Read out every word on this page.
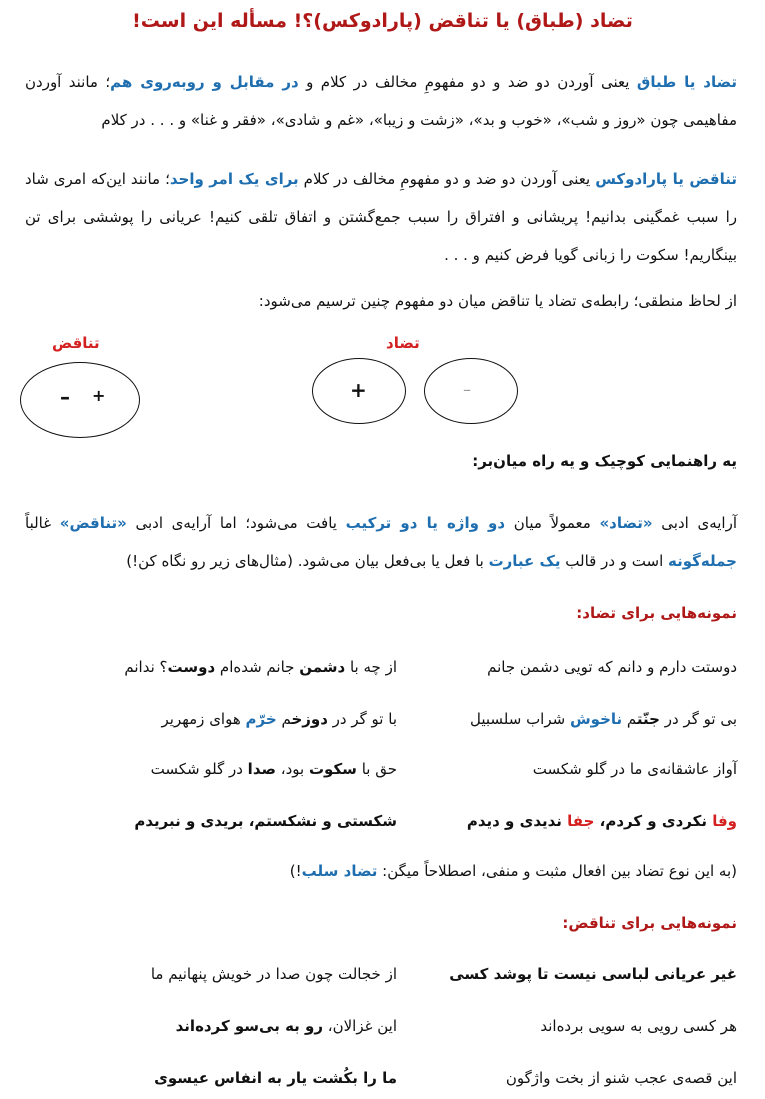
تضاد (طباق) یا تناقض (پارادوکس)؟! مسأله این است!
تضاد یا طباق یعنی آوردن دو ضد و دو مفهومِ مخالف در کلام و در مقابل و روبه‌روی هم؛ مانند آوردن مفاهیمی چون «روز و شب»، «خوب و بد»، «زشت و زیبا»، «غم و شادی»، «فقر و غنا» و . . . در کلام
تناقض یا پارادوکس یعنی آوردن دو ضد و دو مفهومِ مخالف در کلام برای یک امر واحد؛ مانند این‌که امری شاد را سبب غمگینی بدانیم! پریشانی و افتراق را سبب جمع‌گشتن و اتفاق تلقی کنیم! عریانی را پوششی برای تن بینگاریم! سکوت را زبانی گویا فرض کنیم و . . .
از لحاظ منطقی؛ رابطه‌ی تضاد یا تناقض میان دو مفهوم چنین ترسیم می‌شود:
تناقض
– +
تضاد
+	–
یه راهنمایی کوچیک و یه راه میان‌بر:
آرایه‌ی ادبی «تضاد» معمولاً میان دو واژه یا دو ترکیب یافت می‌شود؛ اما آرایه‌ی ادبی «تناقض» غالباً جمله‌گونه است و در قالب یک عبارت با فعل یا بی‌فعل بیان می‌شود. (مثال‌های زیر رو نگاه کن!)
نمونه‌هایی برای تضاد:
دوستت دارم و دانم که تویی دشمن جانم
از چه با دشمن جانم شده‌ام دوست؟ ندانم
بی تو گر در جنّتم ناخوش شراب سلسبیل
با تو گر در دوزخم خرّم هوای زمهریر
آواز عاشقانه‌ی ما در گلو شکست
حق با سکوت بود، صدا در گلو شکست
وفا نکردی و کردم، جفا ندیدی و دیدم
شکستی و نشکستم، بریدی و نبریدم
(به این نوع تضاد بین افعال مثبت و منفی، اصطلاحاً میگن: تضاد سلب!)
نمونه‌هایی برای تناقض:
غیر عریانی لباسی نیست تا پوشد کسی
از خجالت چون صدا در خویش پنهانیم ما
هر کسی رویی به سویی برده‌اند
این غزالان، رو به بی‌سو کرده‌اند
این قصه‌ی عجب شنو از بخت واژگون
ما را بکُشت یار به انفاس عیسوی
